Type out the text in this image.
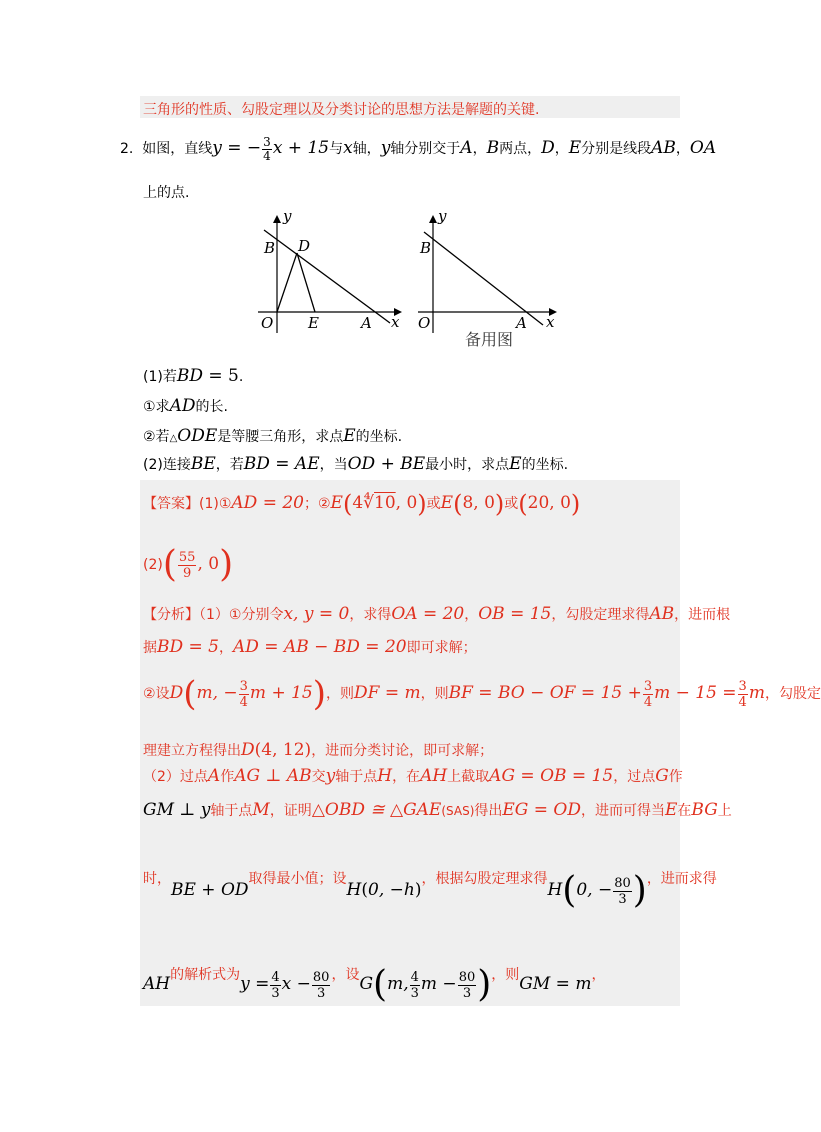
三角形的性质、勾股定理以及分类讨论的思想方法是解题的关键.
2. 如图，直线y = − $\frac{3}{4}$ x + 15与x轴，y轴分别交于A，B两点，D，E分别是线段AB，OA
上的点.
y
B D
O E	A x
y
B
O	A x
备用图
(1)若BD = 5.
①求AD的长.
②若△ODE是等腰三角形，求点E的坐标.
(2)连接BE，若BD = AE，当OD + BE最小时，求点E的坐标.
【答案】(1)①AD = 20；②E(4∜10, 0)或E(8, 0)或(20, 0)
$(2)( \frac{55}{9}$ , 0)
【分析】（1）①分别令x, y = 0，求得OA = 20，OB = 15，勾股定理求得AB，进而根
据BD = 5，AD = AB − BD = 20即可求解；
②设D(m, − $\frac{3}{4}$ m + 15)，则DF = m，则BF = BO − OF = $15 + \frac{3}{4}$ $m - 15 = \frac{3}{4}$ m，勾股定
理建立方程得出D(4, 12)，进而分类讨论，即可求解；
（2）过点A作AG ⊥ AB交y轴于点H，在AH上截取AG = OB = 15，过点G作
GM ⊥ y轴于点M，证明△OBD ≅ △GAE(SAS)得出EG = OD，进而可得当E在BG上
时，BE + OD取得最小值；设H(0, −h)，根据勾股定理求得H(0, − $\frac{80}{3}$ )，进而求得
AH的解析式为$y = \frac{4}{3}$ $x - \frac{80}{3}$ ，设G(m, $\frac{4}{3}$ $m - \frac{80}{3}$ )，则GM = m，
